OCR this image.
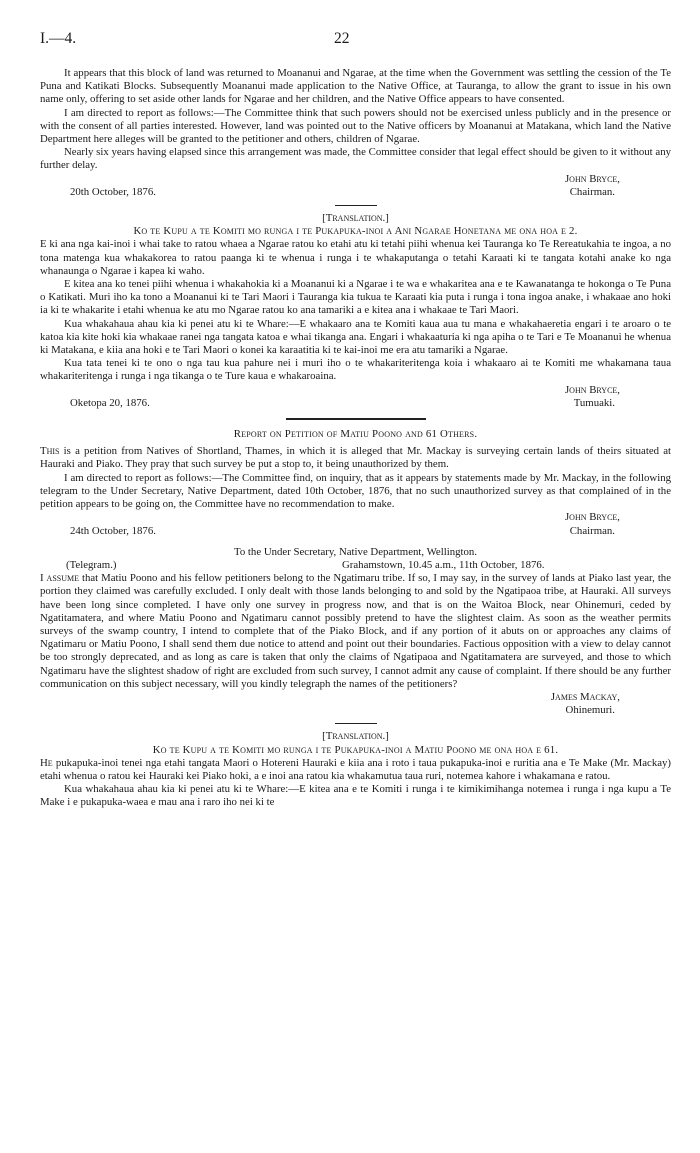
I.—4.	22

It appears that this block of land was returned to Moananui and Ngarae, at the time when the Government was settling the cession of the Te Puna and Katikati Blocks. Subsequently Moananui made application to the Native Office, at Tauranga, to allow the grant to issue in his own name only, offering to set aside other lands for Ngarae and her children, and the Native Office appears to have consented.

I am directed to report as follows:—The Committee think that such powers should not be exercised unless publicly and in the presence or with the consent of all parties interested. However, land was pointed out to the Native officers by Moananui at Matakana, which land the Native Department here alleges will be granted to the petitioner and others, children of Ngarae.

Nearly six years having elapsed since this arrangement was made, the Committee consider that legal effect should be given to it without any further delay.

John Bryce,

20th October, 1876.	Chairman.

[Translation.]

Ko te Kupu a te Komiti mo runga i te Pukapuka-inoi a Ani Ngarae Honetana me ona hoa e 2.

E ki ana nga kai-inoi i whai take to ratou whaea a Ngarae ratou ko etahi atu ki tetahi piihi whenua kei Tauranga ko Te Rereatukahia te ingoa, a no tona matenga kua whakakorea to ratou paanga ki te whenua i runga i te whakaputanga o tetahi Karaati ki te tangata kotahi anake ko nga whanaunga o Ngarae i kapea ki waho.

E kitea ana ko tenei piihi whenua i whakahokia ki a Moananui ki a Ngarae i te wa e whakaritea ana e te Kawanatanga te hokonga o Te Puna o Katikati. Muri iho ka tono a Moananui ki te Tari Maori i Tauranga kia tukua te Karaati kia puta i runga i tona ingoa anake, i whakaae ano hoki ia ki te whakarite i etahi whenua ke atu mo Ngarae ratou ko ana tamariki a e kitea ana i whakaae te Tari Maori.

Kua whakahaua ahau kia ki penei atu ki te Whare:—E whakaaro ana te Komiti kaua aua tu mana e whakahaeretia engari i te aroaro o te katoa kia kite hoki kia whakaae ranei nga tangata katoa e whai tikanga ana. Engari i whakaaturia ki nga apiha o te Tari e Te Moananui he whenua ki Matakana, e kiia ana hoki e te Tari Maori o konei ka karaatitia ki te kai-inoi me era atu tamariki a Ngarae.

Kua tata tenei ki te ono o nga tau kua pahure nei i muri iho o te whakariteritenga koia i whakaaro ai te Komiti me whakamana taua whakariteritenga i runga i nga tikanga o te Ture kaua e whakaroaina.

John Bryce,

Oketopa 20, 1876.	Tumuaki.

Report on Petition of Matiu Poono and 61 Others.

This is a petition from Natives of Shortland, Thames, in which it is alleged that Mr. Mackay is surveying certain lands of theirs situated at Hauraki and Piako. They pray that such survey be put a stop to, it being unauthorized by them.

I am directed to report as follows:—The Committee find, on inquiry, that as it appears by statements made by Mr. Mackay, in the following telegram to the Under Secretary, Native Department, dated 10th October, 1876, that no such unauthorized survey as that complained of in the petition appears to be going on, the Committee have no recommendation to make.

John Bryce,

24th October, 1876.	Chairman.

To the Under Secretary, Native Department, Wellington.

(Telegram.)	Grahamstown, 10.45 a.m., 11th October, 1876.

I assume that Matiu Poono and his fellow petitioners belong to the Ngatimaru tribe. If so, I may say, in the survey of lands at Piako last year, the portion they claimed was carefully excluded. I only dealt with those lands belonging to and sold by the Ngatipaoa tribe, at Hauraki. All surveys have been long since completed. I have only one survey in progress now, and that is on the Waitoa Block, near Ohinemuri, ceded by Ngatitamatera, and where Matiu Poono and Ngatimaru cannot possibly pretend to have the slightest claim. As soon as the weather permits surveys of the swamp country, I intend to complete that of the Piako Block, and if any portion of it abuts on or approaches any claims of Ngatimaru or Matiu Poono, I shall send them due notice to attend and point out their boundaries. Factious opposition with a view to delay cannot be too strongly deprecated, and as long as care is taken that only the claims of Ngatipaoa and Ngatitamatera are surveyed, and those to which Ngatimaru have the slightest shadow of right are excluded from such survey, I cannot admit any cause of complaint. If there should be any further communication on this subject necessary, will you kindly telegraph the names of the petitioners?

James Mackay,

Ohinemuri.

[Translation.]

Ko te Kupu a te Komiti mo runga i te Pukapuka-inoi a Matiu Poono me ona hoa e 61.

He pukapuka-inoi tenei nga etahi tangata Maori o Hotereni Hauraki e kiia ana i roto i taua pukapuka-inoi e ruritia ana e Te Make (Mr. Mackay) etahi whenua o ratou kei Hauraki kei Piako hoki, a e inoi ana ratou kia whakamutua taua ruri, notemea kahore i whakamana e ratou.

Kua whakahaua ahau kia ki penei atu ki te Whare:—E kitea ana e te Komiti i runga i te kimikimihanga notemea i runga i nga kupu a Te Make i e pukapuka-waea e mau ana i raro iho nei ki te
